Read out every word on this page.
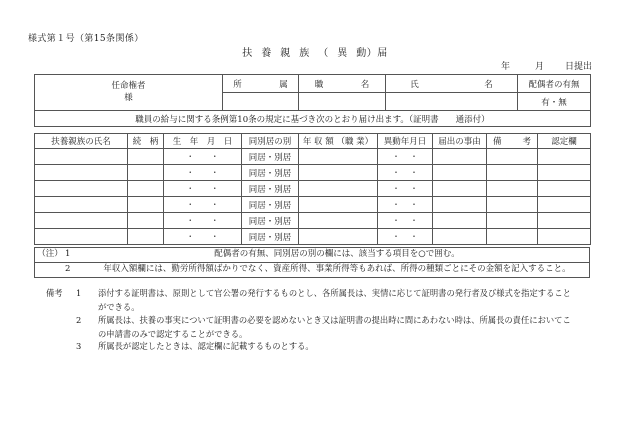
様式第１号（第15条関係）
扶養親族（異動）届
年	月 日提出
任命権者
様	所 属	職 名	氏 名	配偶者の有無
				有・無
職員の給与に関する条例第10条の規定に基づき次のとおり届け出ます。（証明書　　通添付）				
扶養親族の氏名	続　柄	生　年　月　日	同別居の別	年 収 額 （職 業）	異動年月日	届出の事由	備 考	認定欄

		・ ・	同居・別居		・ ・			

		・ ・	同居・別居		・ ・			

		・ ・	同居・別居		・ ・			

		・ ・	同居・別居		・ ・			

		・ ・	同居・別居		・ ・			

		・ ・	同居・別居		・ ・			

（注） 1	配偶者の有無、同別居の別の欄には、該当する項目を○で囲む。

2	年収入額欄には、勤労所得額ばかりでなく、資産所得、事業所得等もあれば、所得の種類ごとにその金額を記入すること。
備考	1	添付する証明書は、原則として官公署の発行するものとし、各所属長は、実情に応じて証明書の発行者及び様式を指定すること
ができる。
2	所属長は、扶養の事実について証明書の必要を認めないとき又は証明書の提出時に間にあわない時は、所属長の責任においてこ
の申請書のみで認定することができる。
3	所属長が認定したときは、認定欄に記載するものとする。
